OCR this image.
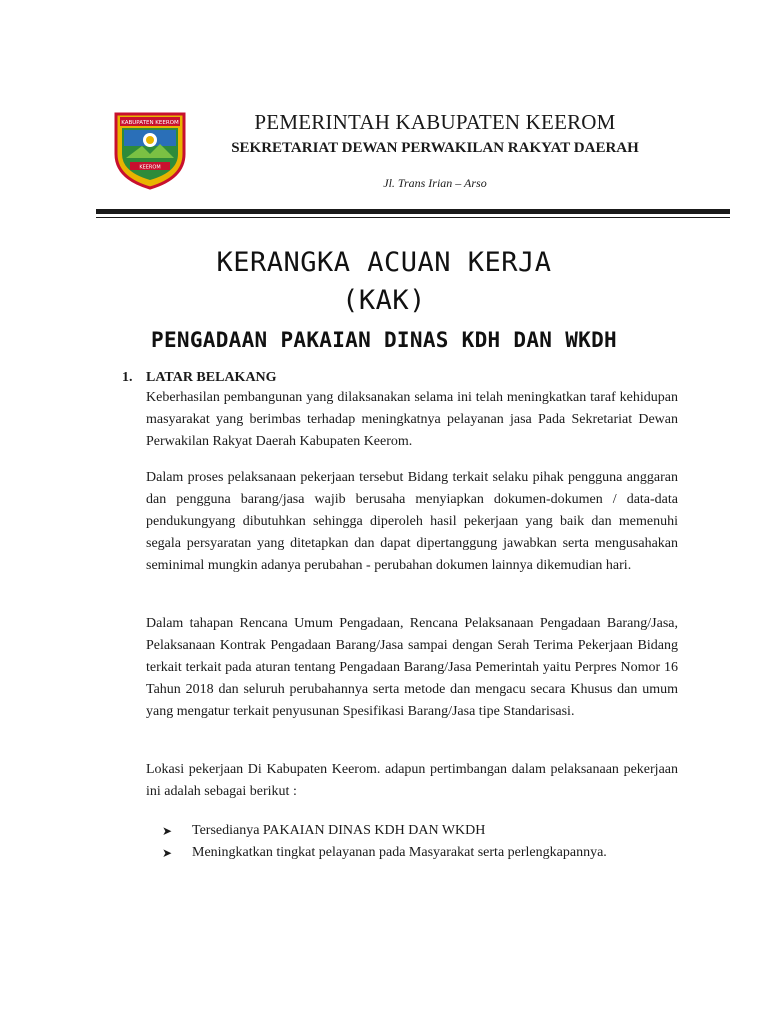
KABUPATEN KEEROM
KEEROM
PEMERINTAH KABUPATEN KEEROM
SEKRETARIAT DEWAN PERWAKILAN RAKYAT DAERAH
Jl. Trans Irian – Arso
KERANGKA ACUAN KERJA
(KAK)
PENGADAAN PAKAIAN DINAS KDH DAN WKDH
1. LATAR BELAKANG

Keberhasilan pembangunan yang dilaksanakan selama ini telah meningkatkan taraf kehidupan masyarakat yang berimbas terhadap meningkatnya pelayanan jasa Pada Sekretariat Dewan Perwakilan Rakyat Daerah Kabupaten Keerom.

Dalam proses pelaksanaan pekerjaan tersebut Bidang terkait selaku pihak pengguna anggaran dan pengguna barang/jasa wajib berusaha menyiapkan dokumen-dokumen / data-data pendukungyang dibutuhkan sehingga diperoleh hasil pekerjaan yang baik dan memenuhi segala persyaratan yang ditetapkan dan dapat dipertanggung jawabkan serta mengusahakan seminimal mungkin adanya perubahan - perubahan dokumen lainnya dikemudian hari.

Dalam tahapan Rencana Umum Pengadaan, Rencana Pelaksanaan Pengadaan Barang/Jasa, Pelaksanaan Kontrak Pengadaan Barang/Jasa sampai dengan Serah Terima Pekerjaan Bidang terkait terkait pada aturan tentang Pengadaan Barang/Jasa Pemerintah yaitu Perpres Nomor 16 Tahun 2018 dan seluruh perubahannya serta metode dan mengacu secara Khusus dan umum yang mengatur terkait penyusunan Spesifikasi Barang/Jasa tipe Standarisasi.

Lokasi pekerjaan Di Kabupaten Keerom. adapun pertimbangan dalam pelaksanaan pekerjaan ini adalah sebagai berikut :

➤ Tersedianya PAKAIAN DINAS KDH DAN WKDH
➤ Meningkatkan tingkat pelayanan pada Masyarakat serta perlengkapannya.
